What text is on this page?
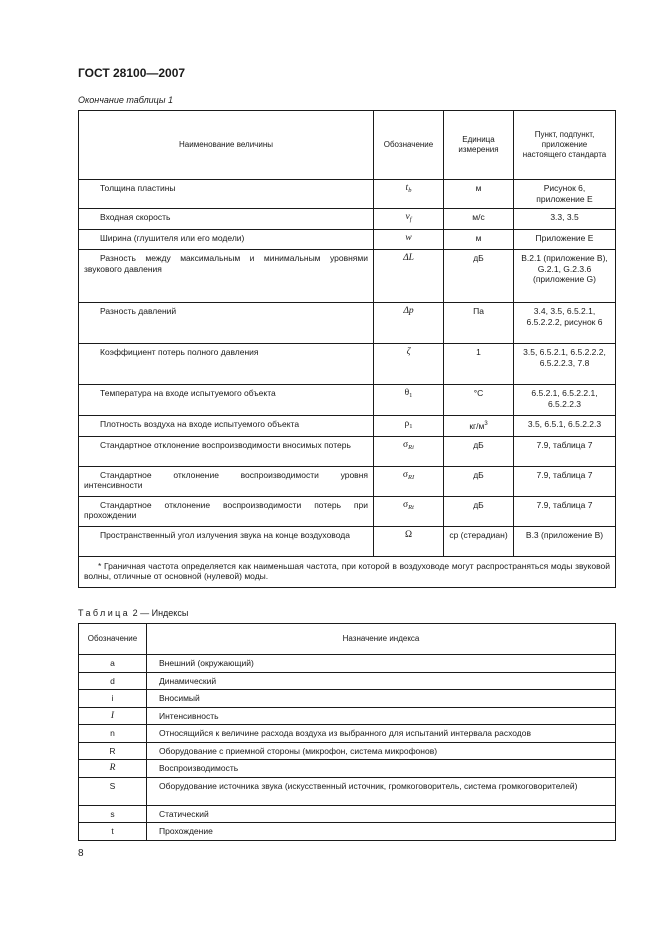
ГОСТ 28100—2007
Окончание таблицы 1
Наименование величины	Обозначение	Единица измерения	Пункт, подпункт, приложение настоящего стандарта
Толщина пластины	$t_b$	м	Рисунок 6, приложение Е
Входная скорость	$v_f$	м/с	3.3, 3.5
Ширина (глушителя или его модели)	w	м	Приложение Е
Разность между максимальным и минимальным уровнями звукового давления	ΔL	дБ	B.2.1 (приложение B), G.2.1, G.2.3.6 (приложение G)
Разность давлений	Δp	Па	3.4, 3.5, 6.5.2.1, 6.5.2.2.2, рисунок 6
Коэффициент потерь полного давления	ζ	1	3.5, 6.5.2.1, 6.5.2.2.2, 6.5.2.2.3, 7.8
Температура на входе испытуемого объекта	$\theta_1$	°С	6.5.2.1, 6.5.2.2.1, 6.5.2.2.3
Плотность воздуха на входе испытуемого объекта	$\rho_1$	$кг/м^3$	3.5, 6.5.1, 6.5.2.2.3
Стандартное отклонение воспроизводимости вносимых потерь	$\sigma_{Ri}$	дБ	7.9, таблица 7
Стандартное отклонение воспроизводимости уровня интенсивности	$\sigma_{RI}$	дБ	7.9, таблица 7
Стандартное отклонение воспроизводимости потерь при прохождении	$\sigma_{Rt}$	дБ	7.9, таблица 7
Пространственный угол излучения звука на конце воздуховода	Ω	ср (стерадиан)	B.3 (приложение B)
* Граничная частота определяется как наименьшая частота, при которой в воздуховоде могут распространяться моды звуковой волны, отличные от основной (нулевой) моды.			
Таблица 2 — Индексы
Обозначение	Назначение индекса
a	Внешний (окружающий)
d	Динамический
i	Вносимый
I	Интенсивность
n	Относящийся к величине расхода воздуха из выбранного для испытаний интервала расходов
R	Оборудование с приемной стороны (микрофон, система микрофонов)
R	Воспроизводимость
S	Оборудование источника звука (искусственный источник, громкоговоритель, система громкоговорителей)
s	Статический
t	Прохождение
8
